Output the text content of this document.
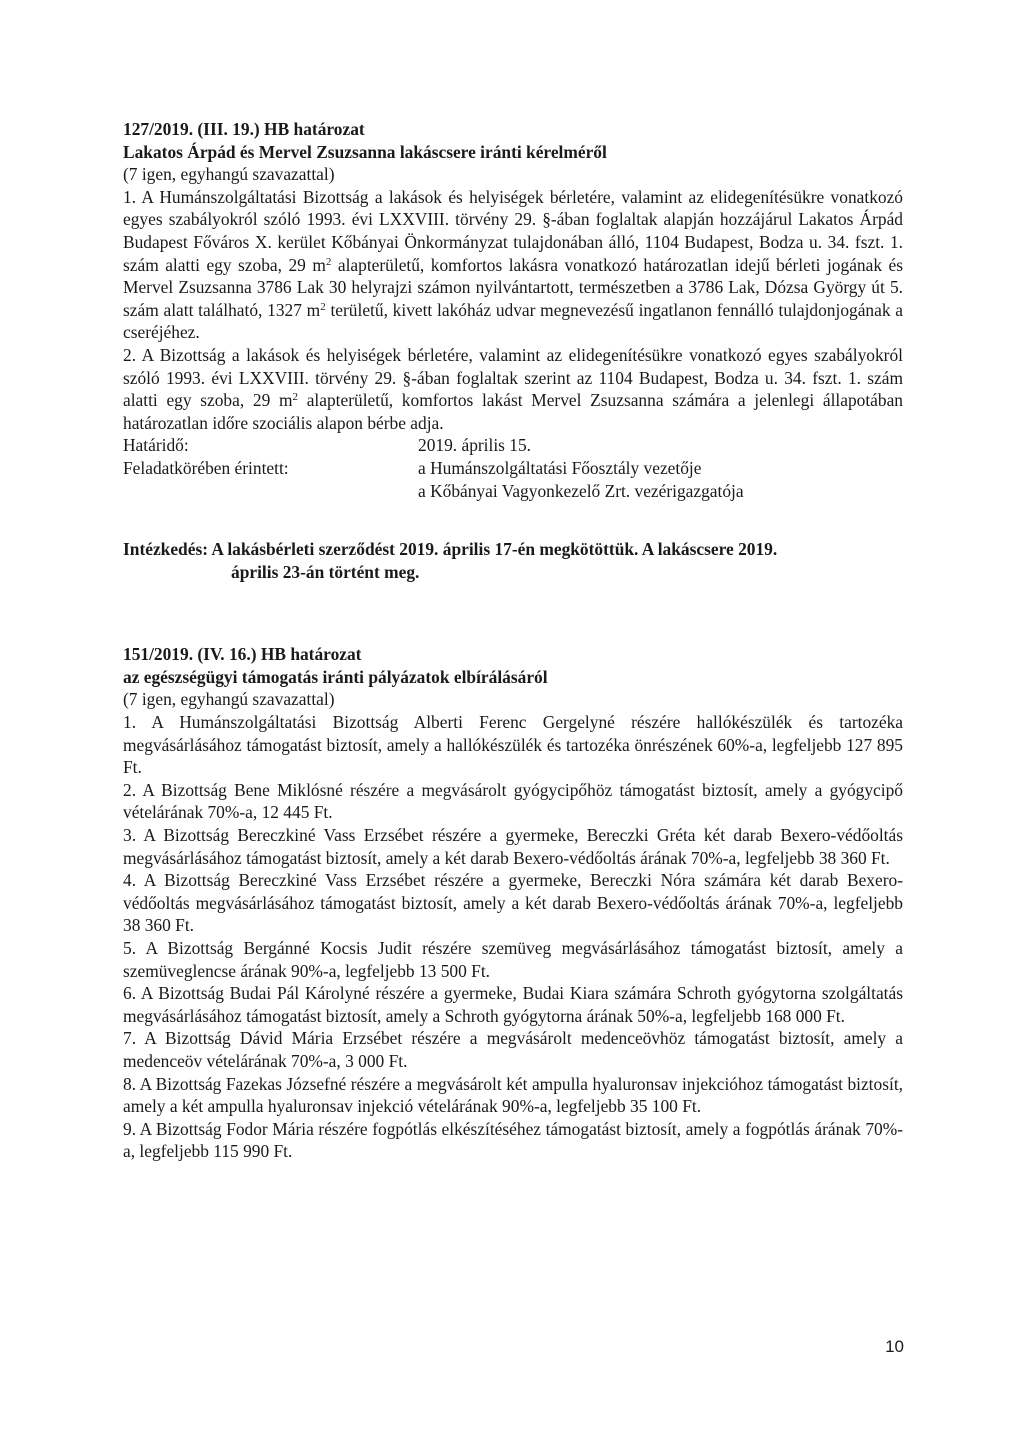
127/2019. (III. 19.) HB határozat

Lakatos Árpád és Mervel Zsuzsanna lakáscsere iránti kérelméről

(7 igen, egyhangú szavazattal)

1. A Humánszolgáltatási Bizottság a lakások és helyiségek bérletére, valamint az elidegenítésükre vonatkozó egyes szabályokról szóló 1993. évi LXXVIII. törvény 29. §-ában foglaltak alapján hozzájárul Lakatos Árpád Budapest Főváros X. kerület Kőbányai Önkormányzat tulajdonában álló, 1104 Budapest, Bodza u. 34. fszt. 1. szám alatti egy szoba, 29 $m^2$ alapterületű, komfortos lakásra vonatkozó határozatlan idejű bérleti jogának és Mervel Zsuzsanna 3786 Lak 30 helyrajzi számon nyilvántartott, természetben a 3786 Lak, Dózsa György út 5. szám alatt található, 1327 $m^2$ területű, kivett lakóház udvar megnevezésű ingatlanon fennálló tulajdonjogának a cseréjéhez.

2. A Bizottság a lakások és helyiségek bérletére, valamint az elidegenítésükre vonatkozó egyes szabályokról szóló 1993. évi LXXVIII. törvény 29. §-ában foglaltak szerint az 1104 Budapest, Bodza u. 34. fszt. 1. szám alatti egy szoba, 29 $m^2$ alapterületű, komfortos lakást Mervel Zsuzsanna számára a jelenlegi állapotában határozatlan időre szociális alapon bérbe adja.

Határidő:	2019. április 15.
Feladatkörében érintett:	a Humánszolgáltatási Főosztály vezetője
a Kőbányai Vagyonkezelő Zrt. vezérigazgatója

Intézkedés: A lakásbérleti szerződést 2019. április 17-én megkötöttük. A lakáscsere 2019.

április 23-án történt meg.

151/2019. (IV. 16.) HB határozat

az egészségügyi támogatás iránti pályázatok elbírálásáról

(7 igen, egyhangú szavazattal)

1. A Humánszolgáltatási Bizottság Alberti Ferenc Gergelyné részére hallókészülék és tartozéka megvásárlásához támogatást biztosít, amely a hallókészülék és tartozéka önrészének 60%-a, legfeljebb 127 895 Ft.

2. A Bizottság Bene Miklósné részére a megvásárolt gyógycipőhöz támogatást biztosít, amely a gyógycipő vételárának 70%-a, 12 445 Ft.

3. A Bizottság Bereczkiné Vass Erzsébet részére a gyermeke, Bereczki Gréta két darab Bexero-védőoltás megvásárlásához támogatást biztosít, amely a két darab Bexero-védőoltás árának 70%-a, legfeljebb 38 360 Ft.

4. A Bizottság Bereczkiné Vass Erzsébet részére a gyermeke, Bereczki Nóra számára két darab Bexero-védőoltás megvásárlásához támogatást biztosít, amely a két darab Bexero-védőoltás árának 70%-a, legfeljebb 38 360 Ft.

5. A Bizottság Bergánné Kocsis Judit részére szemüveg megvásárlásához támogatást biztosít, amely a szemüveglencse árának 90%-a, legfeljebb 13 500 Ft.

6. A Bizottság Budai Pál Károlyné részére a gyermeke, Budai Kiara számára Schroth gyógytorna szolgáltatás megvásárlásához támogatást biztosít, amely a Schroth gyógytorna árának 50%-a, legfeljebb 168 000 Ft.

7. A Bizottság Dávid Mária Erzsébet részére a megvásárolt medenceövhöz támogatást biztosít, amely a medenceöv vételárának 70%-a, 3 000 Ft.

8. A Bizottság Fazekas Józsefné részére a megvásárolt két ampulla hyaluronsav injekcióhoz támogatást biztosít, amely a két ampulla hyaluronsav injekció vételárának 90%-a, legfeljebb 35 100 Ft.

9. A Bizottság Fodor Mária részére fogpótlás elkészítéséhez támogatást biztosít, amely a fogpótlás árának 70%-a, legfeljebb 115 990 Ft.

10
